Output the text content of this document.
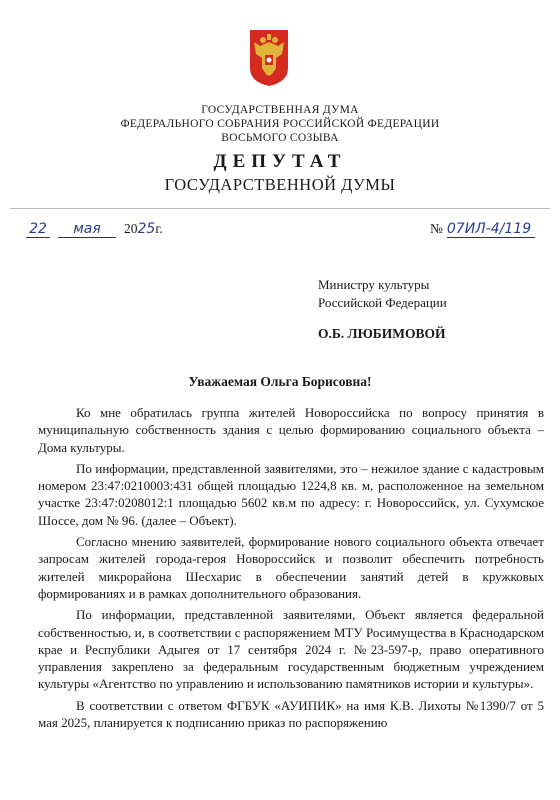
ГОСУДАРСТВЕННАЯ ДУМА
ФЕДЕРАЛЬНОГО СОБРАНИЯ РОССИЙСКОЙ ФЕДЕРАЦИИ
ВОСЬМОГО СОЗЫВА
ДЕПУТАТ
ГОСУДАРСТВЕННОЙ ДУМЫ
22 мая 2025г.	№ 07ИЛ-4/119
Министру культуры
Российской Федерации
О.Б. ЛЮБИМОВОЙ
Уважаемая Ольга Борисовна!

Ко мне обратилась группа жителей Новороссийска по вопросу принятия в муниципальную собственность здания с целью формированию социального объекта – Дома культуры.

По информации, представленной заявителями, это – нежилое здание с кадастровым номером 23:47:0210003:431 общей площадью 1224,8 кв. м, расположенное на земельном участке 23:47:0208012:1 площадью 5602 кв.м по адресу: г. Новороссийск, ул. Сухумское Шоссе, дом № 96. (далее – Объект).

Согласно мнению заявителей, формирование нового социального объекта отвечает запросам жителей города-героя Новороссийск и позволит обеспечить потребность жителей микрорайона Шесхарис в обеспечении занятий детей в кружковых формированиях и в рамках дополнительного образования.

По информации, представленной заявителями, Объект является федеральной собственностью, и, в соответствии с распоряжением МТУ Росимущества в Краснодарском крае и Республики Адыгея от 17 сентября 2024 г. №23-597-р, право оперативного управления закреплено за федеральным государственным бюджетным учреждением культуры «Агентство по управлению и использованию памятников истории и культуры».

В соответствии с ответом ФГБУК «АУИПИК» на имя К.В. Лихоты №1390/7 от 5 мая 2025, планируется к подписанию приказ по распоряжению
